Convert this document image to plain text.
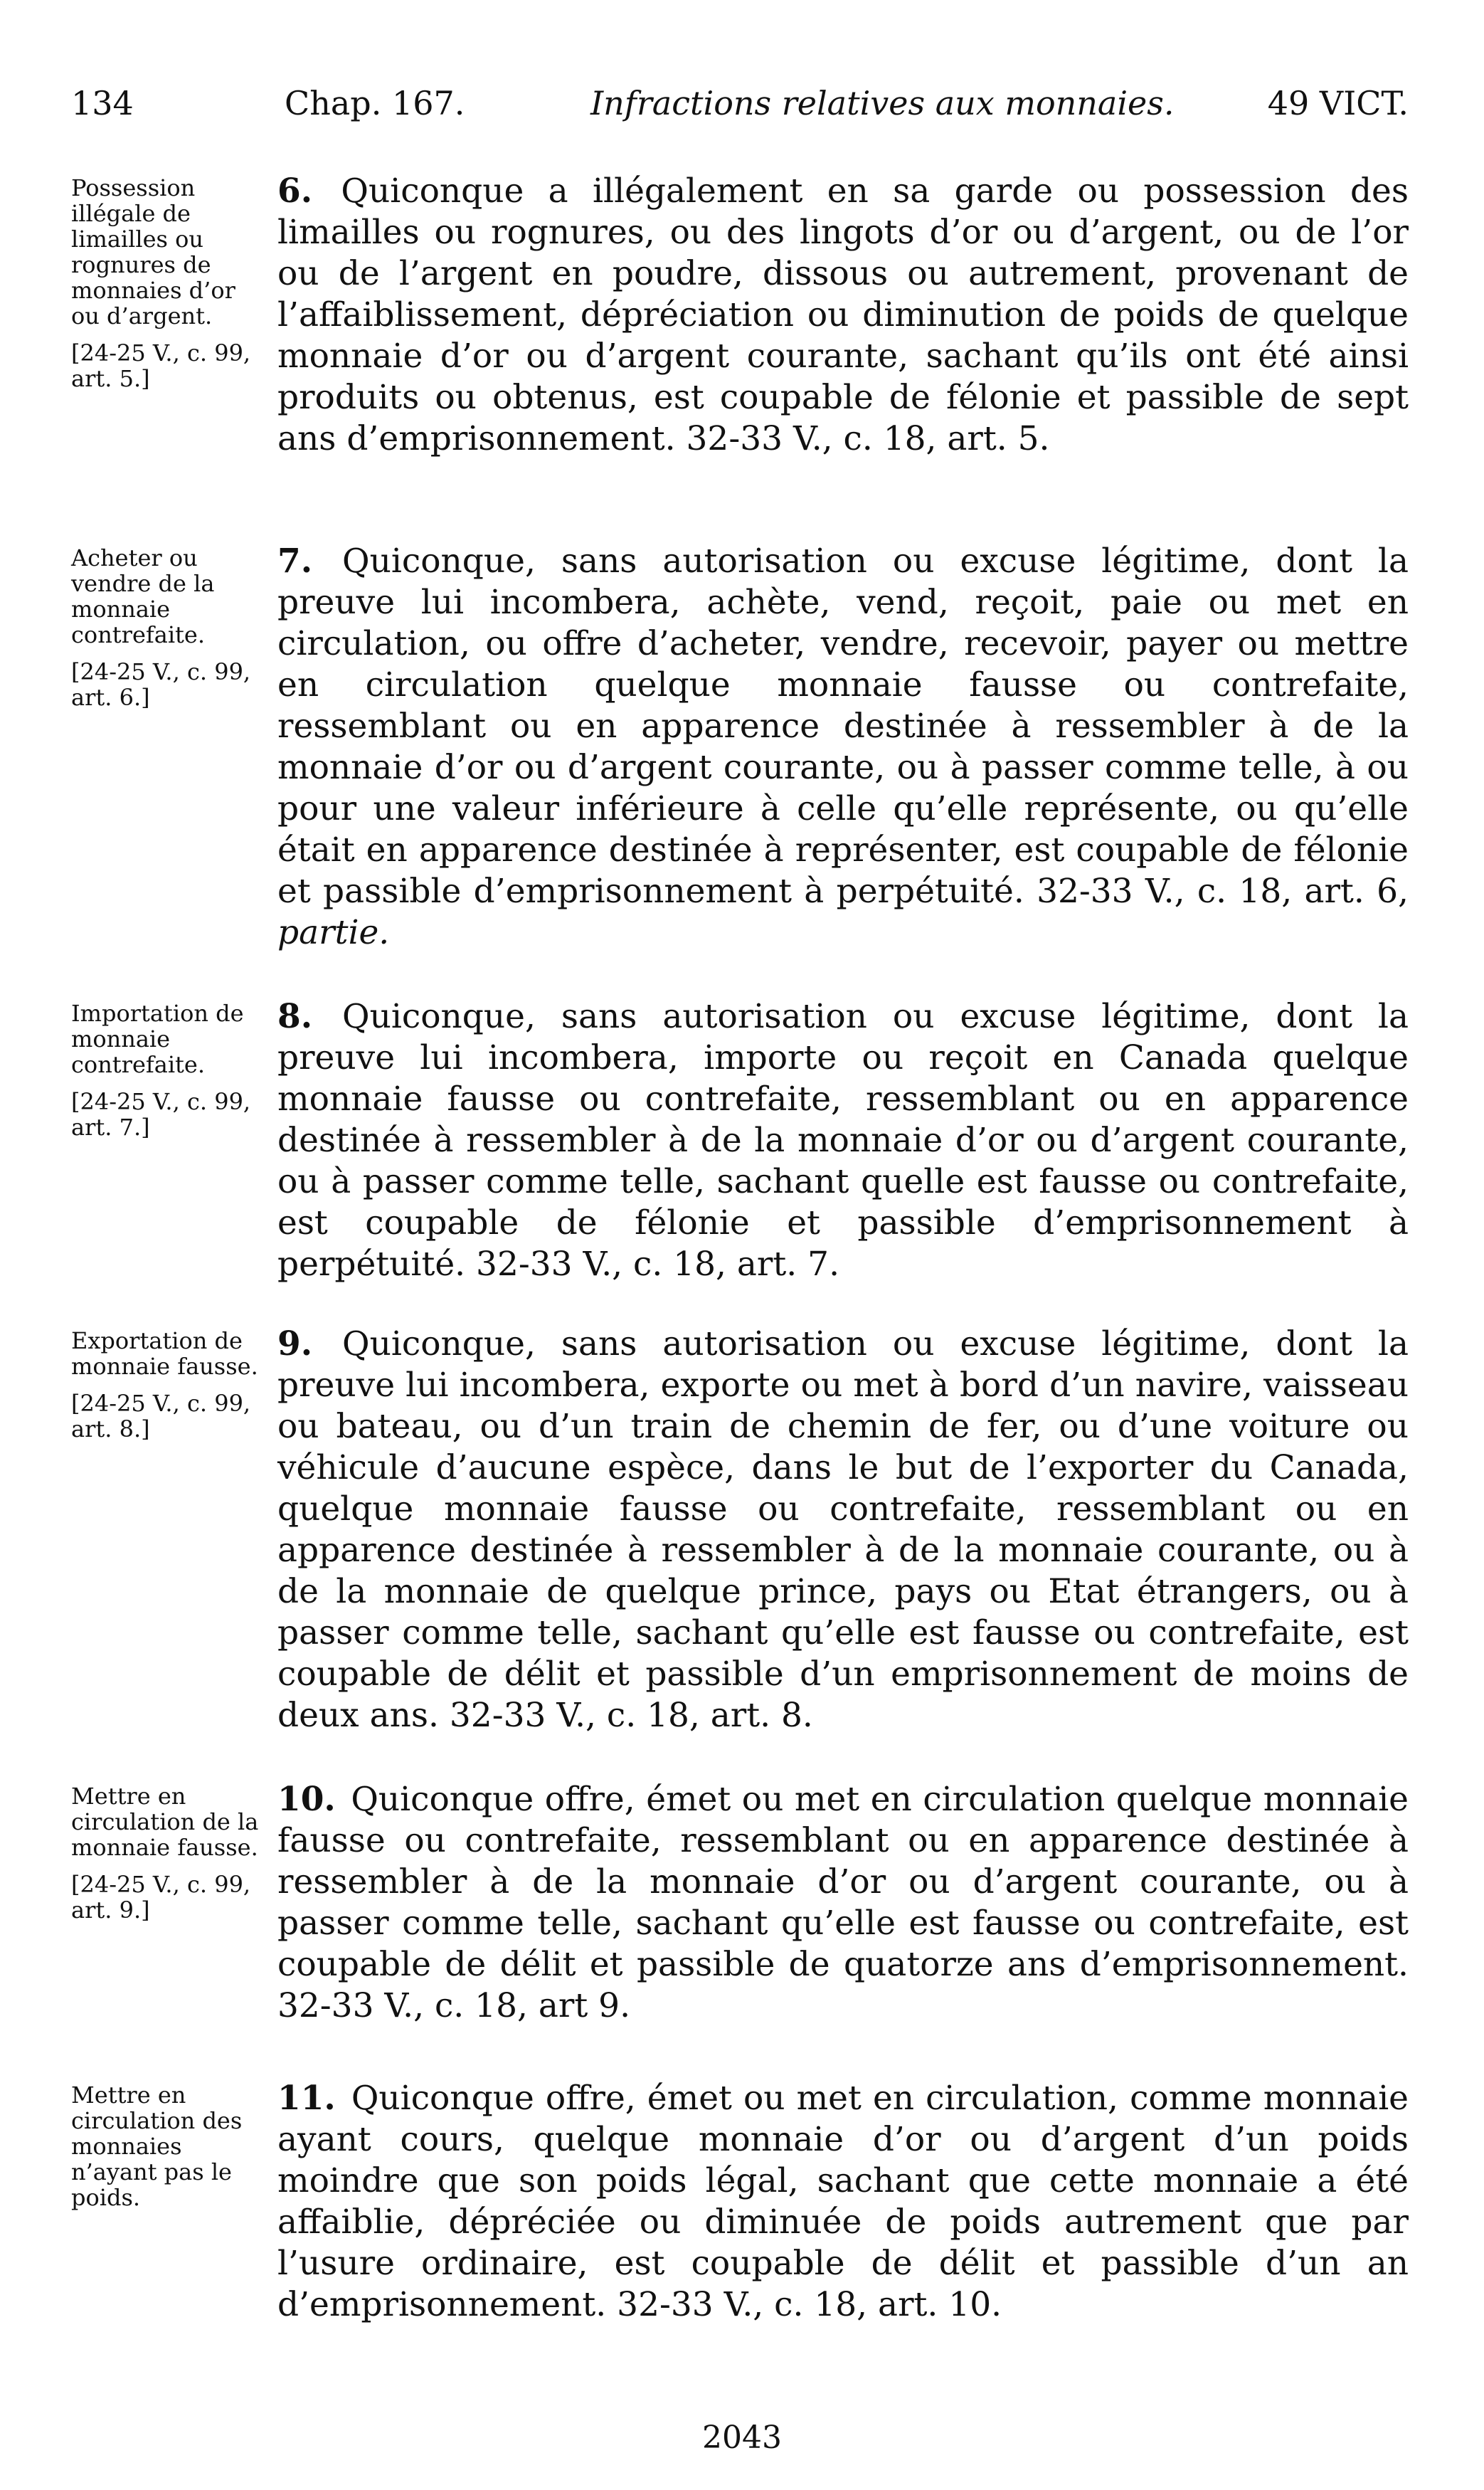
134	Chap. 167.	Infractions relatives aux monnaies.	49 VICT.
Possession illégale de limailles ou rognures de monnaies d’or ou d’argent.
[24-25 V., c. 99, art. 5.]
6. Quiconque a illégalement en sa garde ou possession des limailles ou rognures, ou des lingots d’or ou d’argent, ou de l’or ou de l’argent en poudre, dissous ou autrement, provenant de l’affaiblissement, dépréciation ou diminution de poids de quelque monnaie d’or ou d’argent courante, sachant qu’ils ont été ainsi produits ou obtenus, est coupable de félonie et passible de sept ans d’emprisonnement. 32-33 V., c. 18, art. 5.
Acheter ou vendre de la monnaie contrefaite.
[24-25 V., c. 99, art. 6.]
7. Quiconque, sans autorisation ou excuse légitime, dont la preuve lui incombera, achète, vend, reçoit, paie ou met en circulation, ou offre d’acheter, vendre, recevoir, payer ou mettre en circulation quelque monnaie fausse ou contrefaite, ressemblant ou en apparence destinée à ressembler à de la monnaie d’or ou d’argent courante, ou à passer comme telle, à ou pour une valeur inférieure à celle qu’elle représente, ou qu’elle était en apparence destinée à représenter, est coupable de félonie et passible d’emprisonnement à perpétuité. 32-33 V., c. 18, art. 6, partie.
Importation de monnaie contrefaite.
[24-25 V., c. 99, art. 7.]
8. Quiconque, sans autorisation ou excuse légitime, dont la preuve lui incombera, importe ou reçoit en Canada quelque monnaie fausse ou contrefaite, ressemblant ou en apparence destinée à ressembler à de la monnaie d’or ou d’argent courante, ou à passer comme telle, sachant quelle est fausse ou contrefaite, est coupable de félonie et passible d’emprisonnement à perpétuité. 32-33 V., c. 18, art. 7.
Exportation de monnaie fausse.
[24-25 V., c. 99, art. 8.]
9. Quiconque, sans autorisation ou excuse légitime, dont la preuve lui incombera, exporte ou met à bord d’un navire, vaisseau ou bateau, ou d’un train de chemin de fer, ou d’une voiture ou véhicule d’aucune espèce, dans le but de l’exporter du Canada, quelque monnaie fausse ou contrefaite, ressemblant ou en apparence destinée à ressembler à de la monnaie courante, ou à de la monnaie de quelque prince, pays ou Etat étrangers, ou à passer comme telle, sachant qu’elle est fausse ou contrefaite, est coupable de délit et passible d’un emprisonnement de moins de deux ans. 32-33 V., c. 18, art. 8.
Mettre en circulation de la monnaie fausse.
[24-25 V., c. 99, art. 9.]
10. Quiconque offre, émet ou met en circulation quelque monnaie fausse ou contrefaite, ressemblant ou en apparence destinée à ressembler à de la monnaie d’or ou d’argent courante, ou à passer comme telle, sachant qu’elle est fausse ou contrefaite, est coupable de délit et passible de quatorze ans d’emprisonnement. 32-33 V., c. 18, art 9.
Mettre en circulation des monnaies n’ayant pas le poids.
11. Quiconque offre, émet ou met en circulation, comme monnaie ayant cours, quelque monnaie d’or ou d’argent d’un poids moindre que son poids légal, sachant que cette monnaie a été affaiblie, dépréciée ou diminuée de poids autrement que par l’usure ordinaire, est coupable de délit et passible d’un an d’emprisonnement. 32-33 V., c. 18, art. 10.
2043
